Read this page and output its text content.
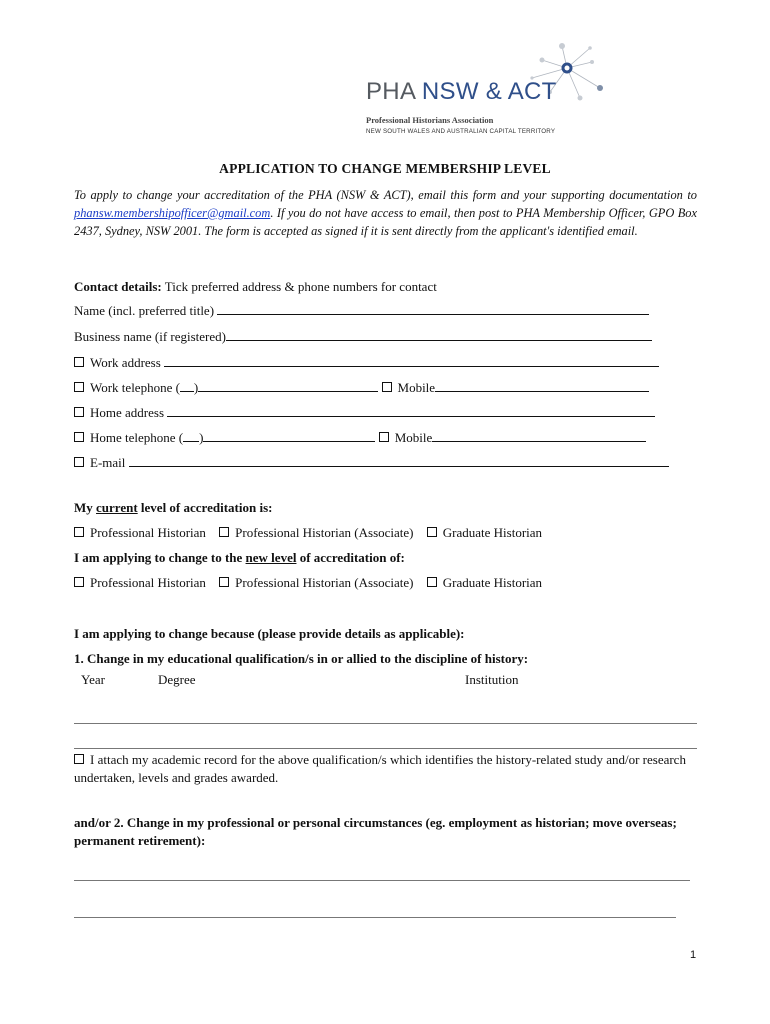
PHA NSW & ACT
Professional Historians Association
NEW SOUTH WALES AND AUSTRALIAN CAPITAL TERRITORY
APPLICATION TO CHANGE MEMBERSHIP LEVEL
To apply to change your accreditation of the PHA (NSW & ACT), email this form and your supporting documentation to phansw.membershipofficer@gmail.com. If you do not have access to email, then post to PHA Membership Officer, GPO Box 2437, Sydney, NSW 2001. The form is accepted as signed if it is sent directly from the applicant's identified email.
Contact details: Tick preferred address & phone numbers for contact
Name (incl. preferred title)
Business name (if registered)
Work address
Work telephone ( )	Mobile
Home address
Home telephone ( )	Mobile
E-mail
My current level of accreditation is:
Professional Historian Professional Historian (Associate) Graduate Historian
I am applying to change to the new level of accreditation of:
Professional Historian Professional Historian (Associate) Graduate Historian
I am applying to change because (please provide details as applicable):
1. Change in my educational qualification/s in or allied to the discipline of history:
Year	Degree	Institution
I attach my academic record for the above qualification/s which identifies the history-related study and/or research undertaken, levels and grades awarded.
and/or 2. Change in my professional or personal circumstances (eg. employment as historian; move overseas; permanent retirement):
1
